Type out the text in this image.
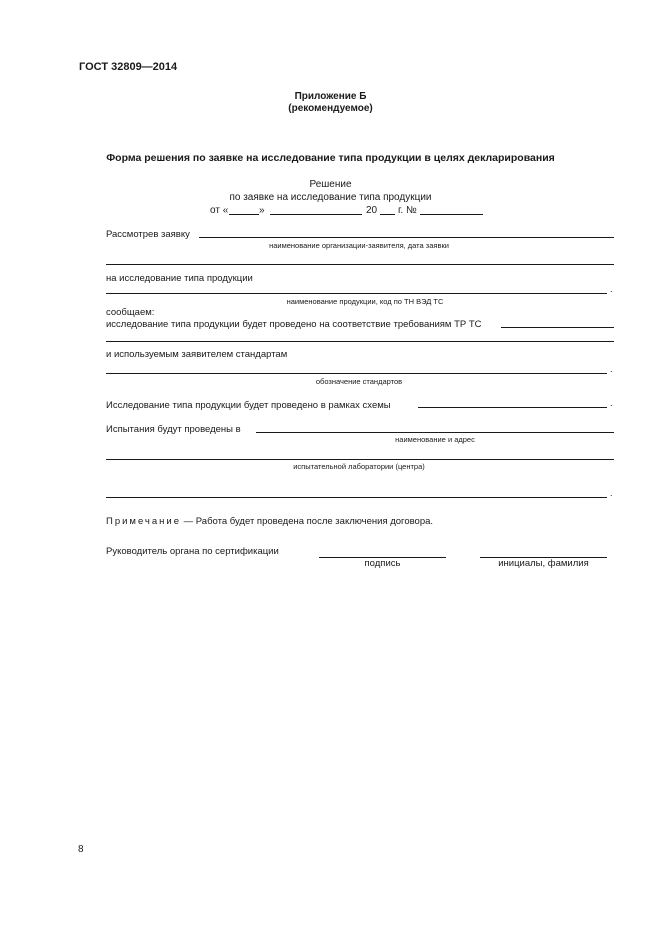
ГОСТ 32809—2014
Приложение Б
(рекомендуемое)
Форма решения по заявке на исследование типа продукции в целях декларирования
Решение
по заявке на исследование типа продукции
от «	»	20 г. №
Рассмотрев заявку
наименование организации-заявителя, дата заявки
на исследование типа продукции
.
наименование продукции, код по ТН ВЭД ТС
сообщаем:
исследование типа продукции будет проведено на соответствие требованиям ТР ТС
и используемым заявителем стандартам
.
обозначение стандартов
Исследование типа продукции будет проведено в рамках схемы	.
Испытания будут проведены в
наименование и адрес
испытательной лаборатории (центра)
.
Примечание — Работа будет проведена после заключения договора.
Руководитель органа по сертификации
подпись	инициалы, фамилия
8
